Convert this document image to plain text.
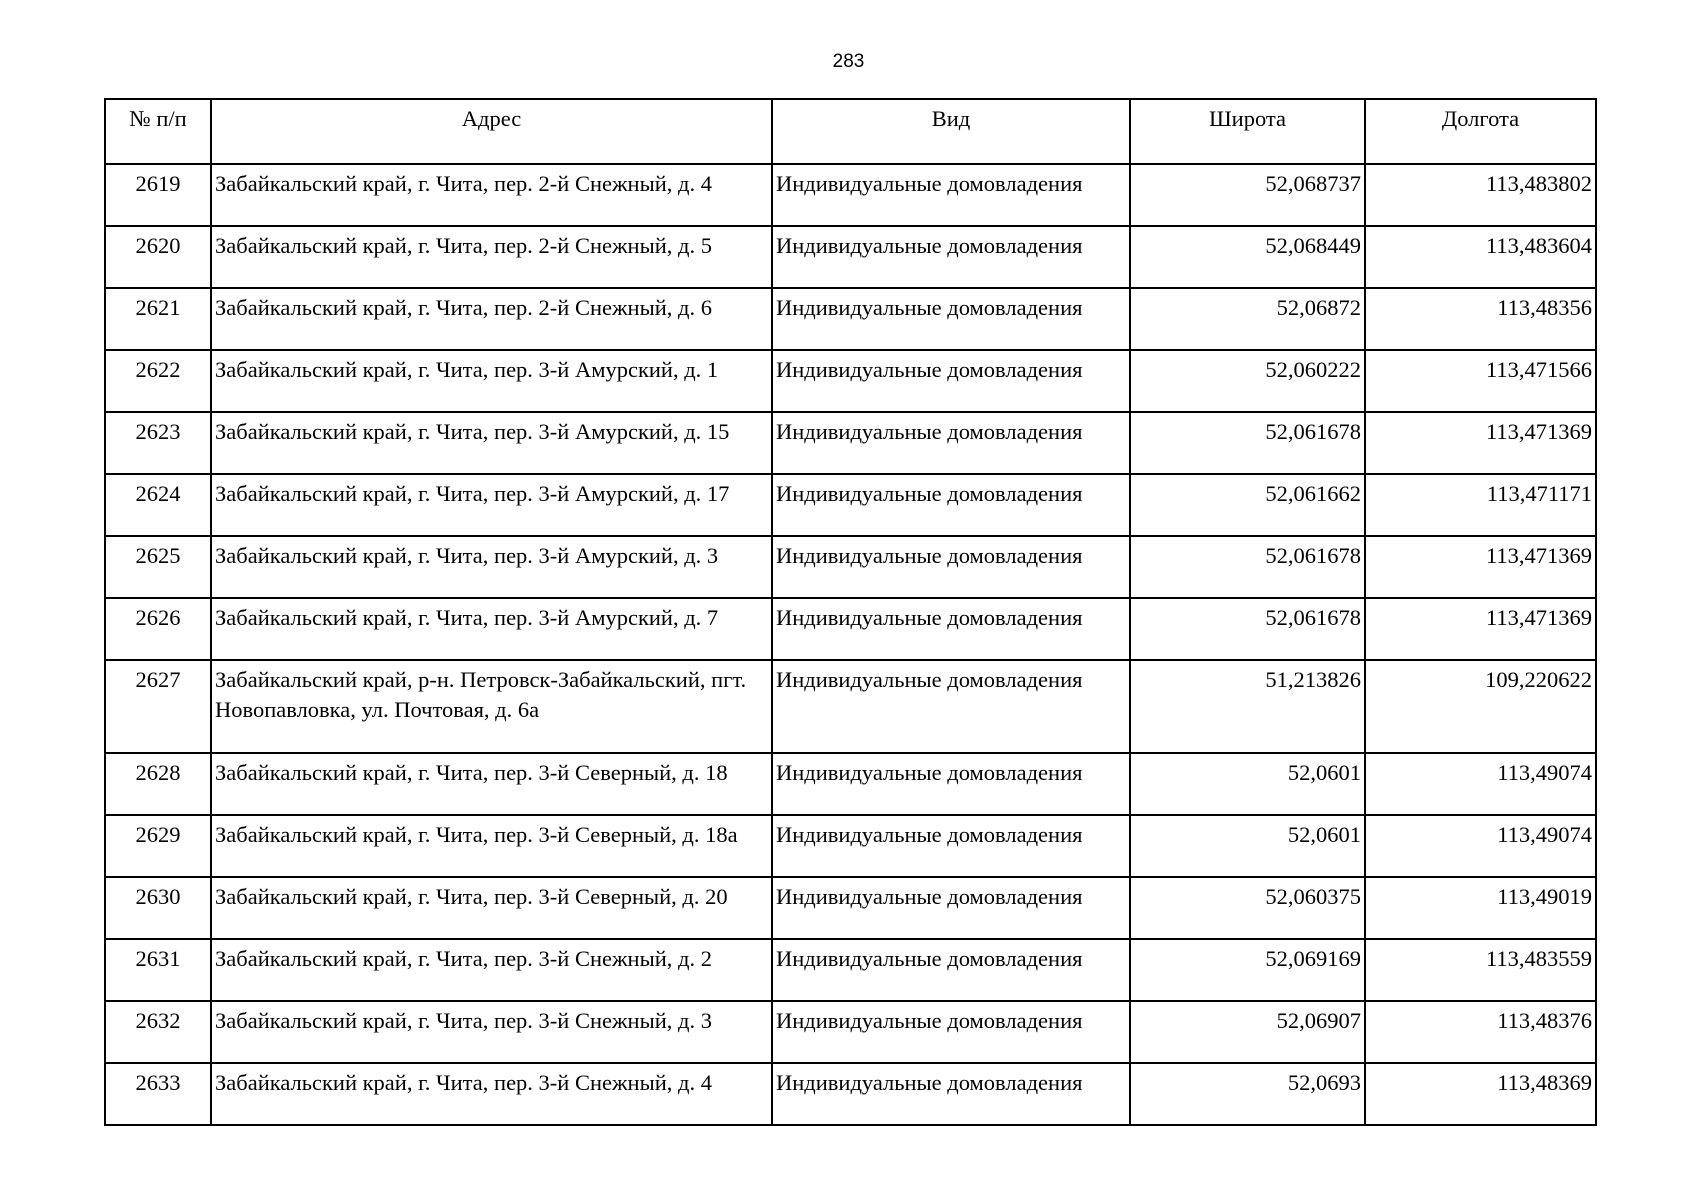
283
№ п/п	Адрес	Вид	Широта	Долгота
2619	Забайкальский край, г. Чита, пер. 2-й Снежный, д. 4	Индивидуальные домовладения	52,068737	113,483802
2620	Забайкальский край, г. Чита, пер. 2-й Снежный, д. 5	Индивидуальные домовладения	52,068449	113,483604
2621	Забайкальский край, г. Чита, пер. 2-й Снежный, д. 6	Индивидуальные домовладения	52,06872	113,48356
2622	Забайкальский край, г. Чита, пер. 3-й Амурский, д. 1	Индивидуальные домовладения	52,060222	113,471566
2623	Забайкальский край, г. Чита, пер. 3-й Амурский, д. 15	Индивидуальные домовладения	52,061678	113,471369
2624	Забайкальский край, г. Чита, пер. 3-й Амурский, д. 17	Индивидуальные домовладения	52,061662	113,471171
2625	Забайкальский край, г. Чита, пер. 3-й Амурский, д. 3	Индивидуальные домовладения	52,061678	113,471369
2626	Забайкальский край, г. Чита, пер. 3-й Амурский, д. 7	Индивидуальные домовладения	52,061678	113,471369
2627	Забайкальский край, р-н. Петровск-Забайкальский, пгт. Новопавловка, ул. Почтовая, д. 6а	Индивидуальные домовладения	51,213826	109,220622
2628	Забайкальский край, г. Чита, пер. 3-й Северный, д. 18	Индивидуальные домовладения	52,0601	113,49074
2629	Забайкальский край, г. Чита, пер. 3-й Северный, д. 18а	Индивидуальные домовладения	52,0601	113,49074
2630	Забайкальский край, г. Чита, пер. 3-й Северный, д. 20	Индивидуальные домовладения	52,060375	113,49019
2631	Забайкальский край, г. Чита, пер. 3-й Снежный, д. 2	Индивидуальные домовладения	52,069169	113,483559
2632	Забайкальский край, г. Чита, пер. 3-й Снежный, д. 3	Индивидуальные домовладения	52,06907	113,48376
2633	Забайкальский край, г. Чита, пер. 3-й Снежный, д. 4	Индивидуальные домовладения	52,0693	113,48369
